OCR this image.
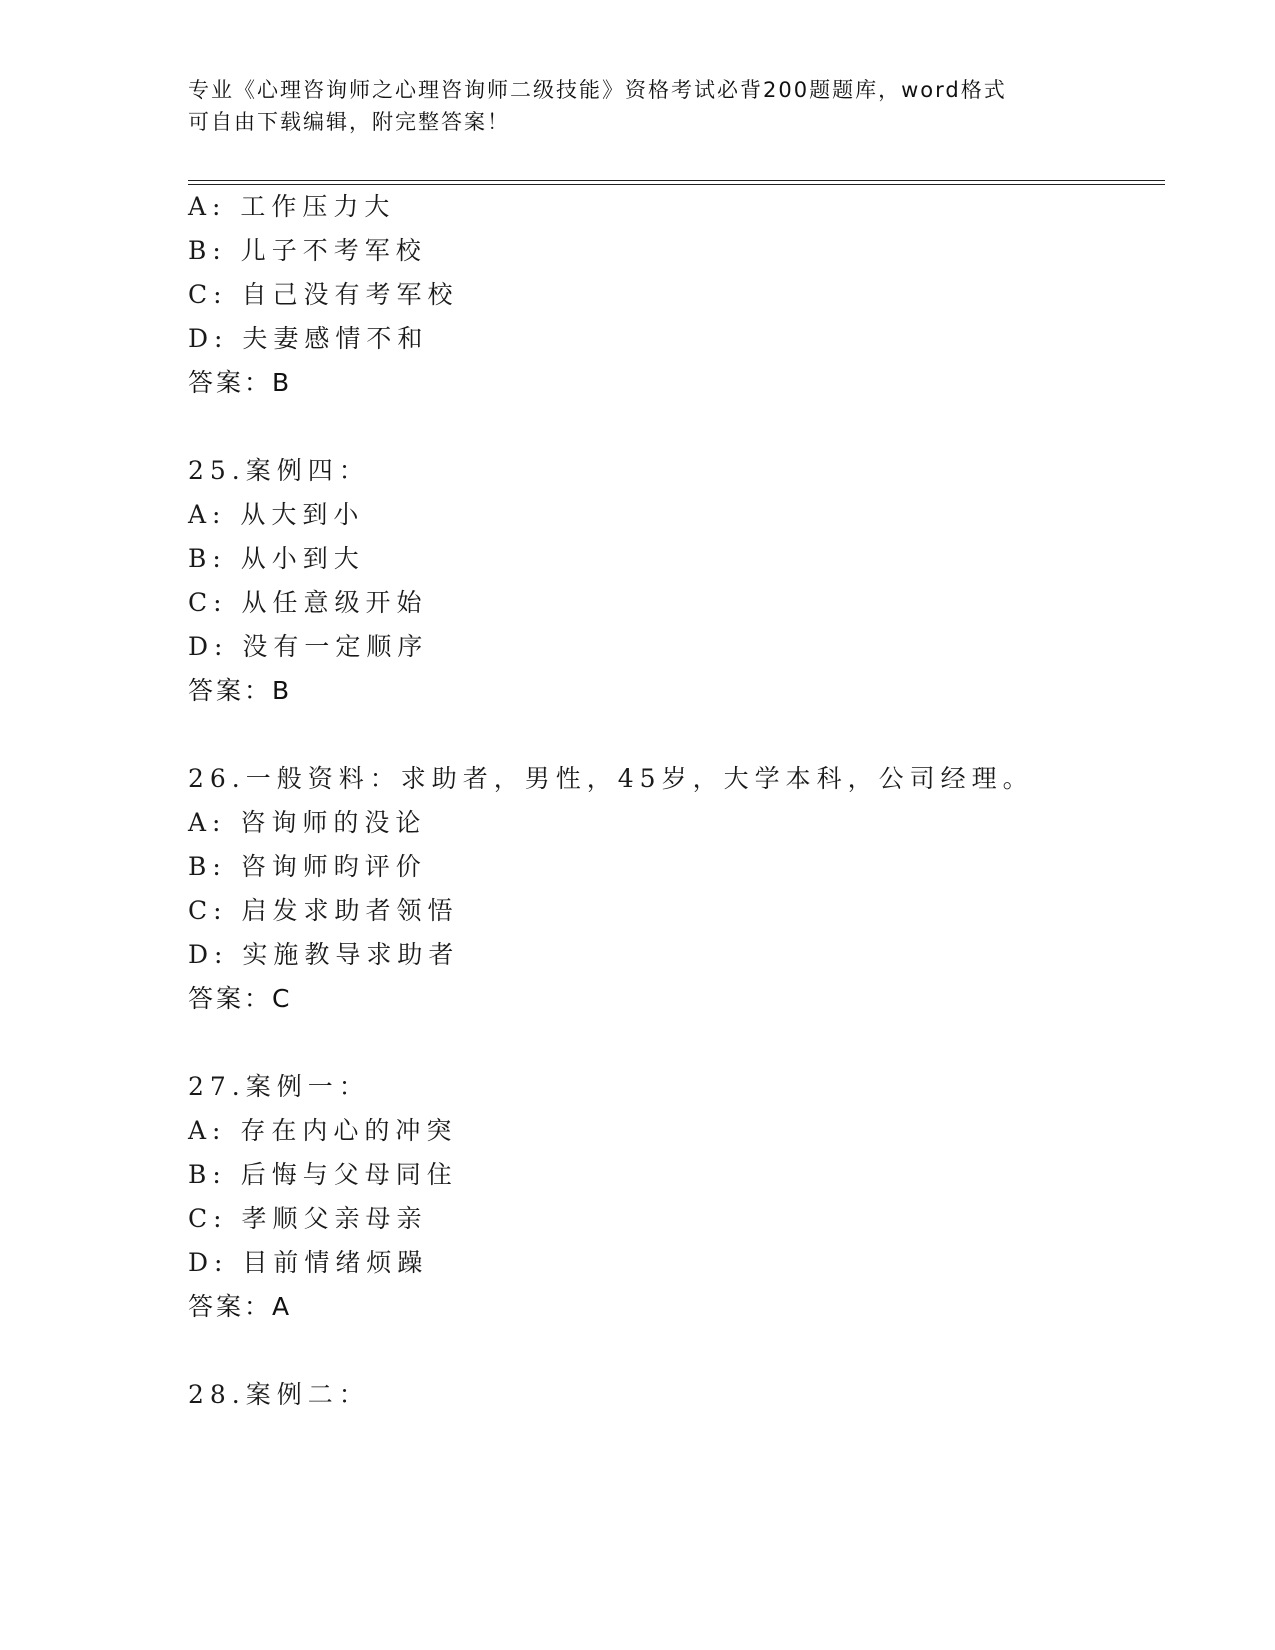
专业《心理咨询师之心理咨询师二级技能》资格考试必背200题题库，word格式
可自由下载编辑，附完整答案！
A: 工作压力大
B: 儿子不考军校
C: 自己没有考军校
D: 夫妻感情不和
答案：B
25.案例四：
A: 从大到小
B: 从小到大
C: 从任意级开始
D: 没有一定顺序
答案：B
26.一般资料：求助者，男性，45岁，大学本科，公司经理。
A: 咨询师的没论
B: 咨询师昀评价
C: 启发求助者领悟
D: 实施教导求助者
答案：C
27.案例一：
A: 存在内心的冲突
B: 后悔与父母同住
C: 孝顺父亲母亲
D: 目前情绪烦躁
答案：A
28.案例二：
